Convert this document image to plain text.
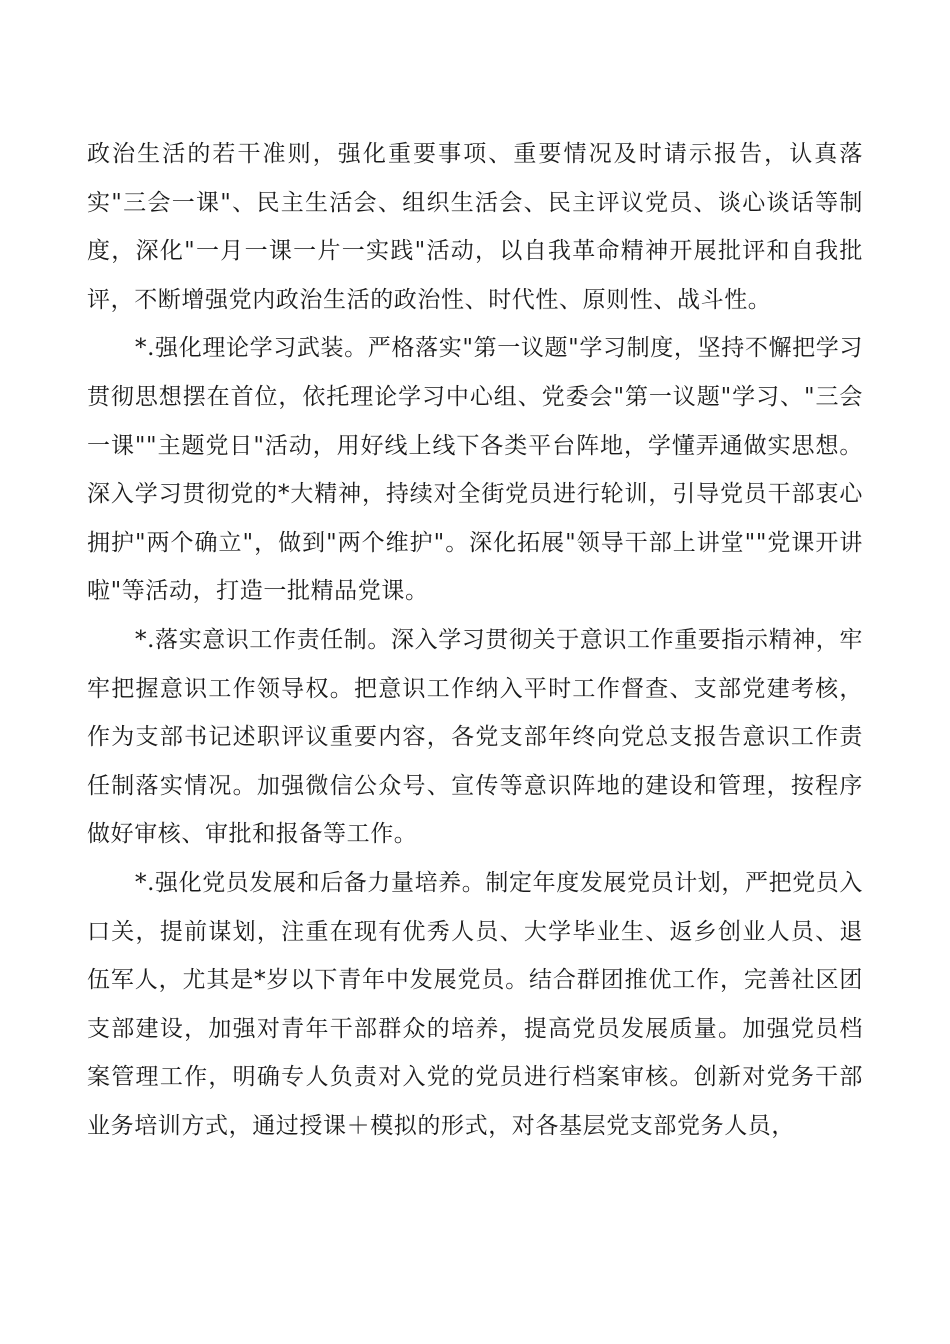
政治生活的若干准则，强化重要事项、重要情况及时请示报告，认真落实"三会一课"、民主生活会、组织生活会、民主评议党员、谈心谈话等制度，深化"一月一课一片一实践"活动，以自我革命精神开展批评和自我批评，不断增强党内政治生活的政治性、时代性、原则性、战斗性。

*.强化理论学习武装。严格落实"第一议题"学习制度，坚持不懈把学习贯彻思想摆在首位，依托理论学习中心组、党委会"第一议题"学习、"三会一课""主题党日"活动，用好线上线下各类平台阵地，学懂弄通做实思想。深入学习贯彻党的*大精神，持续对全街党员进行轮训，引导党员干部衷心拥护"两个确立"，做到"两个维护"。深化拓展"领导干部上讲堂""党课开讲啦"等活动，打造一批精品党课。

*.落实意识工作责任制。深入学习贯彻关于意识工作重要指示精神，牢牢把握意识工作领导权。把意识工作纳入平时工作督查、支部党建考核，作为支部书记述职评议重要内容，各党支部年终向党总支报告意识工作责任制落实情况。加强微信公众号、宣传等意识阵地的建设和管理，按程序做好审核、审批和报备等工作。

*.强化党员发展和后备力量培养。制定年度发展党员计划，严把党员入口关，提前谋划，注重在现有优秀人员、大学毕业生、返乡创业人员、退伍军人，尤其是*岁以下青年中发展党员。结合群团推优工作，完善社区团支部建设，加强对青年干部群众的培养，提高党员发展质量。加强党员档案管理工作，明确专人负责对入党的党员进行档案审核。创新对党务干部业务培训方式，通过授课＋模拟的形式，对各基层党支部党务人员，
